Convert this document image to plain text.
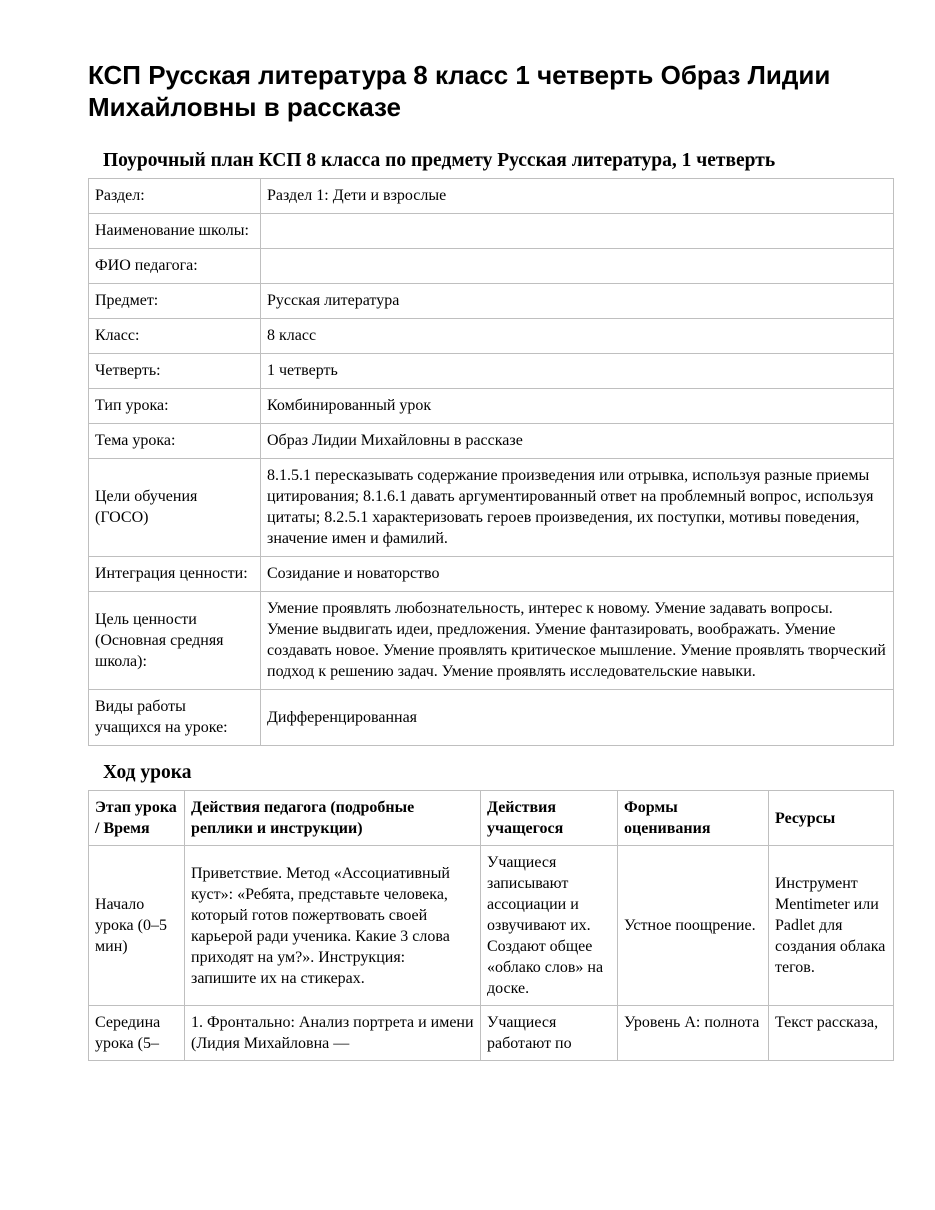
КСП Русская литература 8 класс 1 четверть Образ Лидии Михайловны в рассказе
Поурочный план КСП 8 класса по предмету Русская литература, 1 четверть
Раздел:	Раздел 1: Дети и взрослые
Наименование школы:	
ФИО педагога:	
Предмет:	Русская литература
Класс:	8 класс
Четверть:	1 четверть
Тип урока:	Комбинированный урок
Тема урока:	Образ Лидии Михайловны в рассказе
Цели обучения (ГОСО)	8.1.5.1 пересказывать содержание произведения или отрывка, используя разные приемы цитирования; 8.1.6.1 давать аргументированный ответ на проблемный вопрос, используя цитаты; 8.2.5.1 характеризовать героев произведения, их поступки, мотивы поведения, значение имен и фамилий.
Интеграция ценности:	Созидание и новаторство
Цель ценности (Основная средняя школа):	Умение проявлять любознательность, интерес к новому. Умение задавать вопросы. Умение выдвигать идеи, предложения. Умение фантазировать, воображать. Умение создавать новое. Умение проявлять критическое мышление. Умение проявлять творческий подход к решению задач. Умение проявлять исследовательские навыки.
Виды работы учащихся на уроке:	Дифференцированная
Ход урока
Этап урока / Время	Действия педагога (подробные реплики и инструкции)	Действия учащегося	Формы оценивания	Ресурсы
Начало урока (0–5 мин)	Приветствие. Метод «Ассоциативный куст»: «Ребята, представьте человека, который готов пожертвовать своей карьерой ради ученика. Какие 3 слова приходят на ум?». Инструкция: запишите их на стикерах.	Учащиеся записывают ассоциации и озвучивают их. Создают общее «облако слов» на доске.	Устное поощрение.	Инструмент Mentimeter или Padlet для создания облака тегов.
Середина урока (5–	1. Фронтально: Анализ портрета и имени (Лидия Михайловна —	Учащиеся работают по	Уровень А: полнота	Текст рассказа,
